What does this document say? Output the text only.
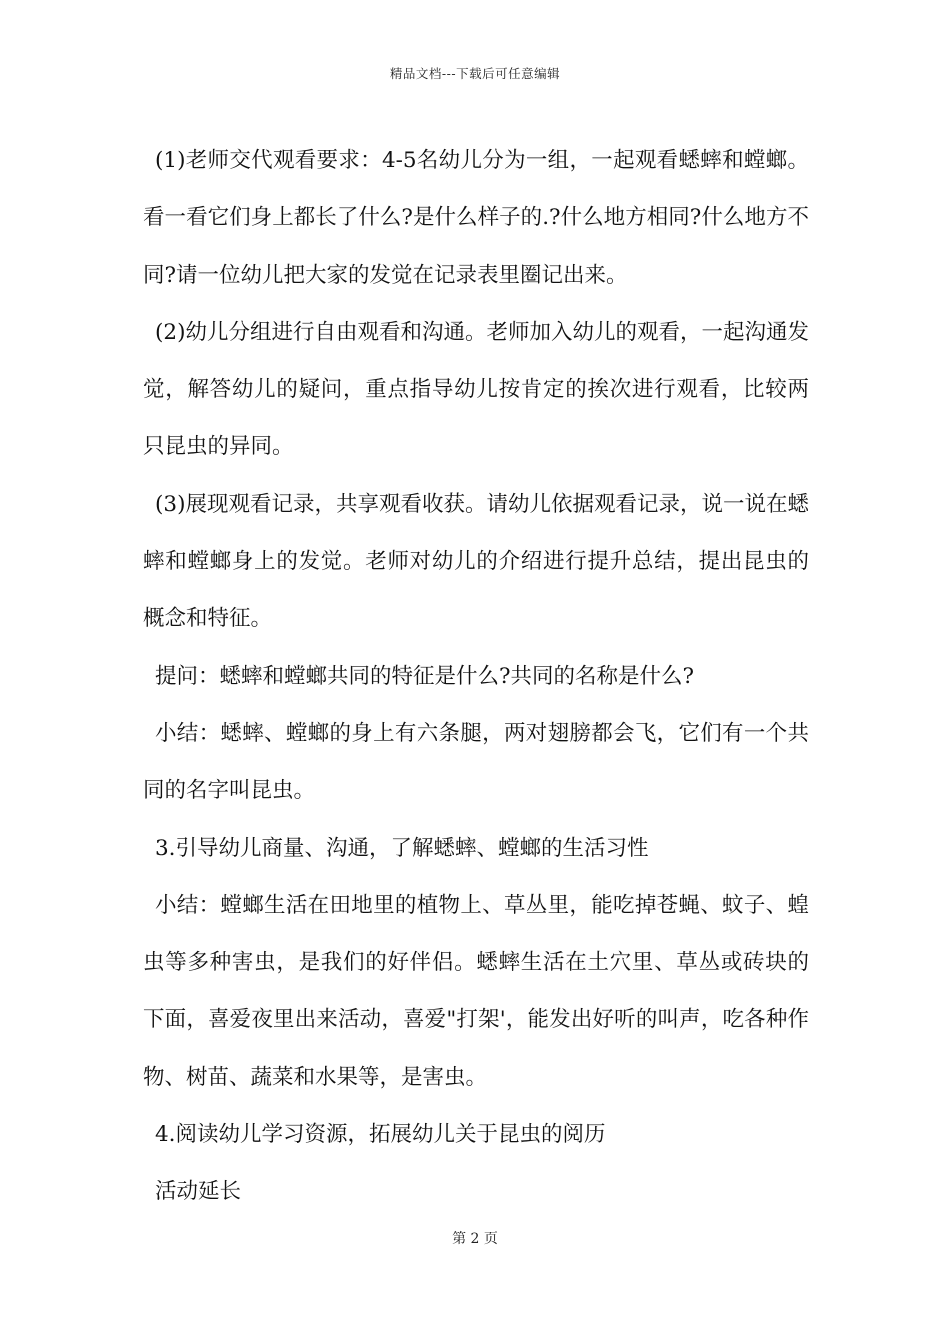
精品文档---下载后可任意编辑

(1)老师交代观看要求：4-5名幼儿分为一组，一起观看蟋蟀和螳螂。看一看它们身上都长了什么?是什么样子的.?什么地方相同?什么地方不同?请一位幼儿把大家的发觉在记录表里圈记出来。

(2)幼儿分组进行自由观看和沟通。老师加入幼儿的观看，一起沟通发觉，解答幼儿的疑问，重点指导幼儿按肯定的挨次进行观看，比较两只昆虫的异同。

(3)展现观看记录，共享观看收获。请幼儿依据观看记录，说一说在蟋蟀和螳螂身上的发觉。老师对幼儿的介绍进行提升总结，提出昆虫的概念和特征。

提问：蟋蟀和螳螂共同的特征是什么?共同的名称是什么?

小结：蟋蟀、螳螂的身上有六条腿，两对翅膀都会飞，它们有一个共同的名字叫昆虫。

3.引导幼儿商量、沟通，了解蟋蟀、螳螂的生活习性

小结：螳螂生活在田地里的植物上、草丛里，能吃掉苍蝇、蚊子、蝗虫等多种害虫，是我们的好伴侣。蟋蟀生活在土穴里、草丛或砖块的下面，喜爱夜里出来活动，喜爱"打架'，能发出好听的叫声，吃各种作物、树苗、蔬菜和水果等，是害虫。

4.阅读幼儿学习资源，拓展幼儿关于昆虫的阅历

活动延长

第 2 页
